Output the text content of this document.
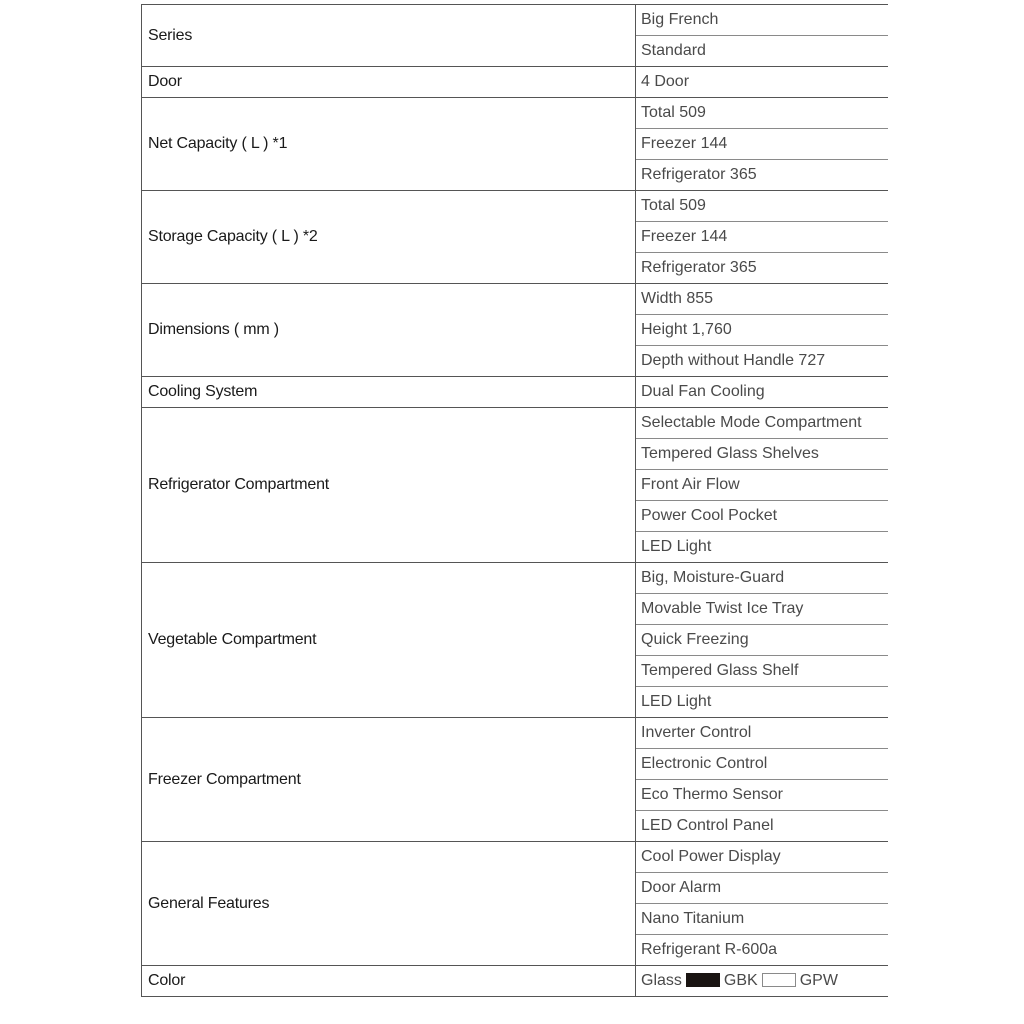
Series	Big French
	Standard
Door	4 Door
Net Capacity ( L ) *1	Total 509
	Freezer 144
	Refrigerator 365
Storage Capacity ( L ) *2	Total 509
	Freezer 144
	Refrigerator 365
Dimensions ( mm )	Width 855
	Height 1,760
	Depth without Handle 727
Cooling System	Dual Fan Cooling
Refrigerator Compartment	Selectable Mode Compartment
	Tempered Glass Shelves
	Front Air Flow
	Power Cool Pocket
	LED Light
Vegetable Compartment	Big, Moisture-Guard
	Movable Twist Ice Tray
	Quick Freezing
	Tempered Glass Shelf
	LED Light
Freezer Compartment	Inverter Control
	Electronic Control
	Eco Thermo Sensor
	LED Control Panel
General Features	Cool Power Display
	Door Alarm
	Nano Titanium
	Refrigerant R-600a
Color	Glass GBK GPW
